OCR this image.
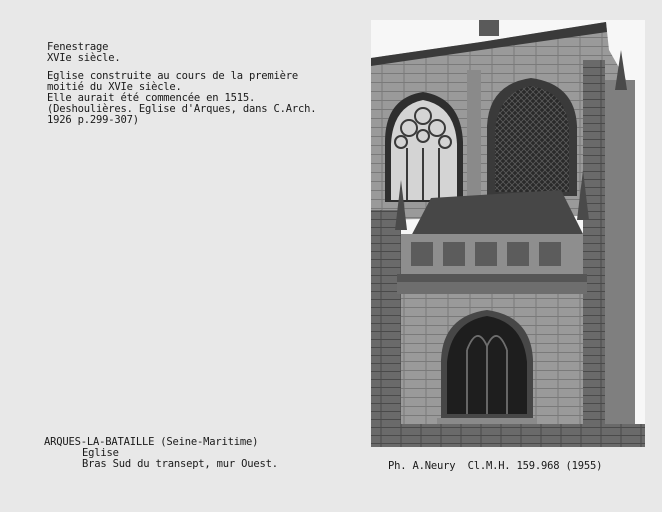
Fenestrage
XVIe siècle.
Eglise construite au cours de la première
moitié du XVIe siècle.
Elle aurait été commencée en 1515.
(Deshoulières. Eglise d'Arques, dans C.Arch.
1926 p.299-307)
ARQUES-LA-BATAILLE (Seine-Maritime)
Eglise
Bras Sud du transept, mur Ouest.	Ph. A.Neury  Cl.M.H. 159.968 (1955)
